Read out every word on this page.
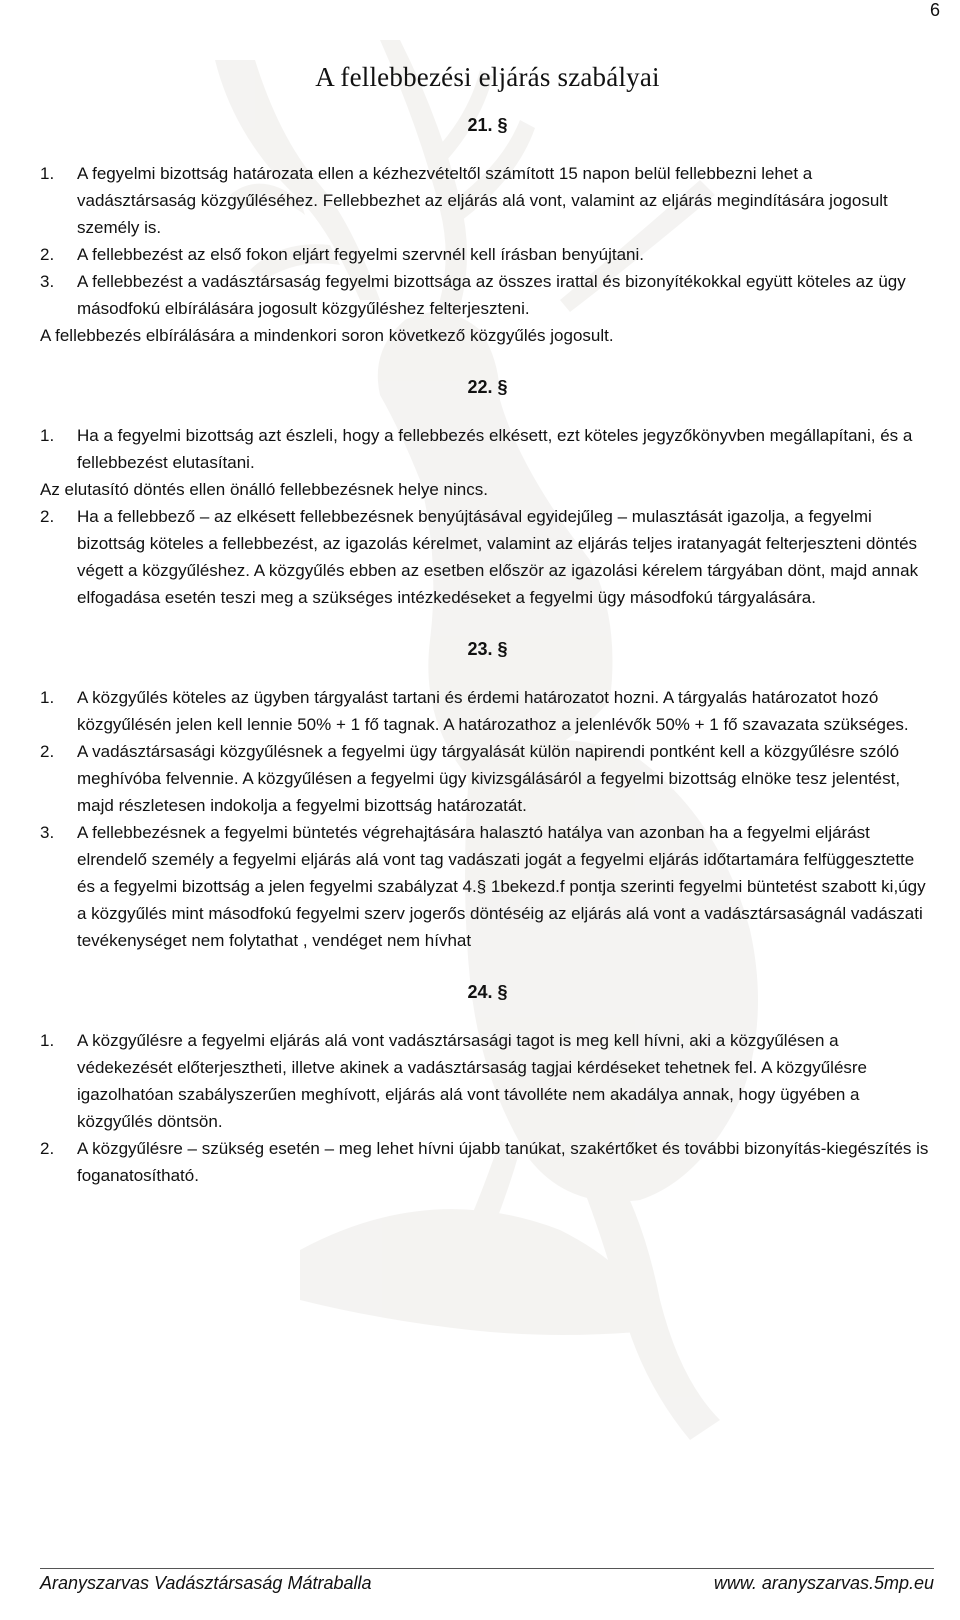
6
A fellebbezési eljárás szabályai
21. §
1.	A fegyelmi bizottság határozata ellen a kézhezvételtől számított 15 napon belül fellebbezni lehet a vadásztársaság közgyűléséhez. Fellebbezhet az eljárás alá vont, valamint az eljárás megindítására jogosult személy is.
2.	A fellebbezést az első fokon eljárt fegyelmi szervnél kell írásban benyújtani.
3.	A fellebbezést a vadásztársaság fegyelmi bizottsága az összes irattal és bizonyítékokkal együtt köteles az ügy másodfokú elbírálására jogosult közgyűléshez felterjeszteni.
A fellebbezés elbírálására a mindenkori soron következő közgyűlés jogosult.
22. §
1.	Ha a fegyelmi bizottság azt észleli, hogy a fellebbezés elkésett, ezt köteles jegyzőkönyvben megállapítani, és a fellebbezést elutasítani.
Az elutasító döntés ellen önálló fellebbezésnek helye nincs.
2.	Ha a fellebbező – az elkésett fellebbezésnek benyújtásával egyidejűleg – mulasztását igazolja, a fegyelmi bizottság köteles a fellebbezést, az igazolás kérelmet, valamint az eljárás teljes iratanyagát felterjeszteni döntés végett a közgyűléshez. A közgyűlés ebben az esetben először az igazolási kérelem tárgyában dönt, majd annak elfogadása esetén teszi meg a szükséges intézkedéseket a fegyelmi ügy másodfokú tárgyalására.
23. §
1.	A közgyűlés köteles az ügyben tárgyalást tartani és érdemi határozatot hozni. A tárgyalás határozatot hozó közgyűlésén jelen kell lennie 50% + 1 fő tagnak. A határozathoz a jelenlévők 50% + 1 fő szavazata szükséges.
2.	A vadásztársasági közgyűlésnek a fegyelmi ügy tárgyalását külön napirendi pontként kell a közgyűlésre szóló meghívóba felvennie. A közgyűlésen a fegyelmi ügy kivizsgálásáról a fegyelmi bizottság elnöke tesz jelentést, majd részletesen indokolja a fegyelmi bizottság határozatát.
3.	A fellebbezésnek a fegyelmi büntetés végrehajtására halasztó hatálya van azonban ha a fegyelmi eljárást elrendelő személy a fegyelmi eljárás alá vont tag vadászati jogát a fegyelmi eljárás időtartamára felfüggesztette és a fegyelmi bizottság a jelen fegyelmi szabályzat 4.§ 1bekezd.f pontja szerinti fegyelmi büntetést szabott ki,úgy a közgyűlés mint másodfokú fegyelmi szerv jogerős döntéséig az eljárás alá vont a vadásztársaságnál vadászati tevékenységet nem folytathat , vendéget nem hívhat
24. §
1.	A közgyűlésre a fegyelmi eljárás alá vont vadásztársasági tagot is meg kell hívni, aki a közgyűlésen a védekezését előterjesztheti, illetve akinek a vadásztársaság tagjai kérdéseket tehetnek fel. A közgyűlésre igazolhatóan szabályszerűen meghívott, eljárás alá vont távolléte nem akadálya annak, hogy ügyében a közgyűlés döntsön.
2.	A közgyűlésre – szükség esetén – meg lehet hívni újabb tanúkat, szakértőket és további bizonyítás-kiegészítés is foganatosítható.
Aranyszarvas Vadásztársaság Mátraballa	www. aranyszarvas.5mp.eu
